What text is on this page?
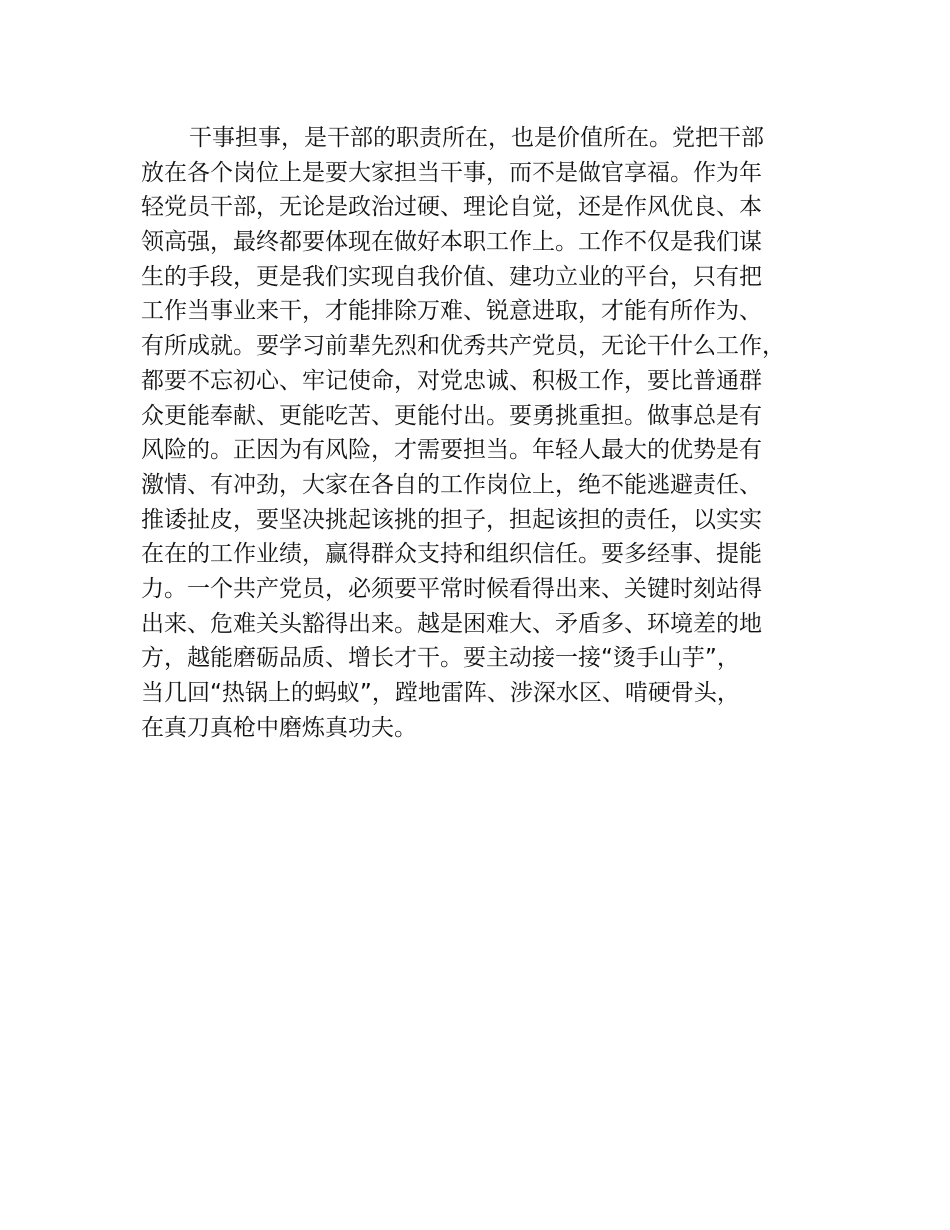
干事担事，是干部的职责所在，也是价值所在。党把干部
放在各个岗位上是要大家担当干事，而不是做官享福。作为年
轻党员干部，无论是政治过硬、理论自觉，还是作风优良、本
领高强，最终都要体现在做好本职工作上。工作不仅是我们谋
生的手段，更是我们实现自我价值、建功立业的平台，只有把
工作当事业来干，才能排除万难、锐意进取，才能有所作为、
有所成就。要学习前辈先烈和优秀共产党员，无论干什么工作，
都要不忘初心、牢记使命，对党忠诚、积极工作，要比普通群
众更能奉献、更能吃苦、更能付出。要勇挑重担。做事总是有
风险的。正因为有风险，才需要担当。年轻人最大的优势是有
激情、有冲劲，大家在各自的工作岗位上，绝不能逃避责任、
推诿扯皮，要坚决挑起该挑的担子，担起该担的责任，以实实
在在的工作业绩，赢得群众支持和组织信任。要多经事、提能
力。一个共产党员，必须要平常时候看得出来、关键时刻站得
出来、危难关头豁得出来。越是困难大、矛盾多、环境差的地
方，越能磨砺品质、增长才干。要主动接一接“烫手山芋”，
当几回“热锅上的蚂蚁”，蹚地雷阵、涉深水区、啃硬骨头，
在真刀真枪中磨炼真功夫。
